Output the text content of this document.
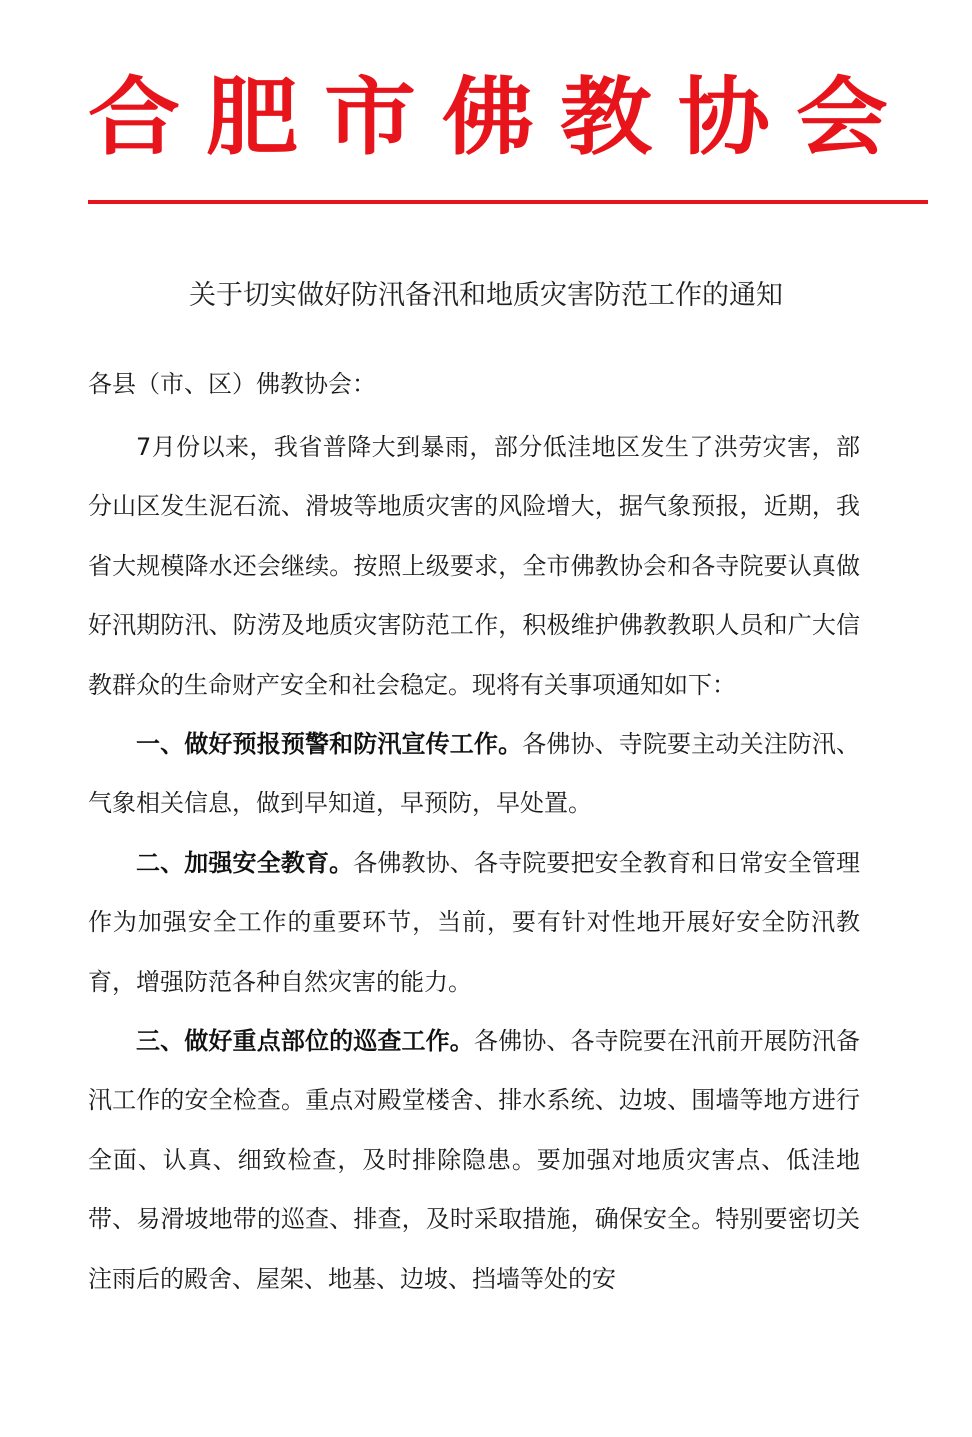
合 肥 市 佛 教 协 会
关于切实做好防汛备汛和地质灾害防范工作的通知
各县（市、区）佛教协会：

7月份以来，我省普降大到暴雨，部分低洼地区发生了洪劳灾害，部分山区发生泥石流、滑坡等地质灾害的风险增大，据气象预报，近期，我省大规模降水还会继续。按照上级要求，全市佛教协会和各寺院要认真做好汛期防汛、防涝及地质灾害防范工作，积极维护佛教教职人员和广大信教群众的生命财产安全和社会稳定。现将有关事项通知如下：

一、做好预报预警和防汛宣传工作。各佛协、寺院要主动关注防汛、气象相关信息，做到早知道，早预防，早处置。

二、加强安全教育。各佛教协、各寺院要把安全教育和日常安全管理作为加强安全工作的重要环节，当前，要有针对性地开展好安全防汛教育，增强防范各种自然灾害的能力。

三、做好重点部位的巡查工作。各佛协、各寺院要在汛前开展防汛备汛工作的安全检查。重点对殿堂楼舍、排水系统、边坡、围墙等地方进行全面、认真、细致检查，及时排除隐患。要加强对地质灾害点、低洼地带、易滑坡地带的巡查、排查，及时采取措施，确保安全。特别要密切关注雨后的殿舍、屋架、地基、边坡、挡墙等处的安
